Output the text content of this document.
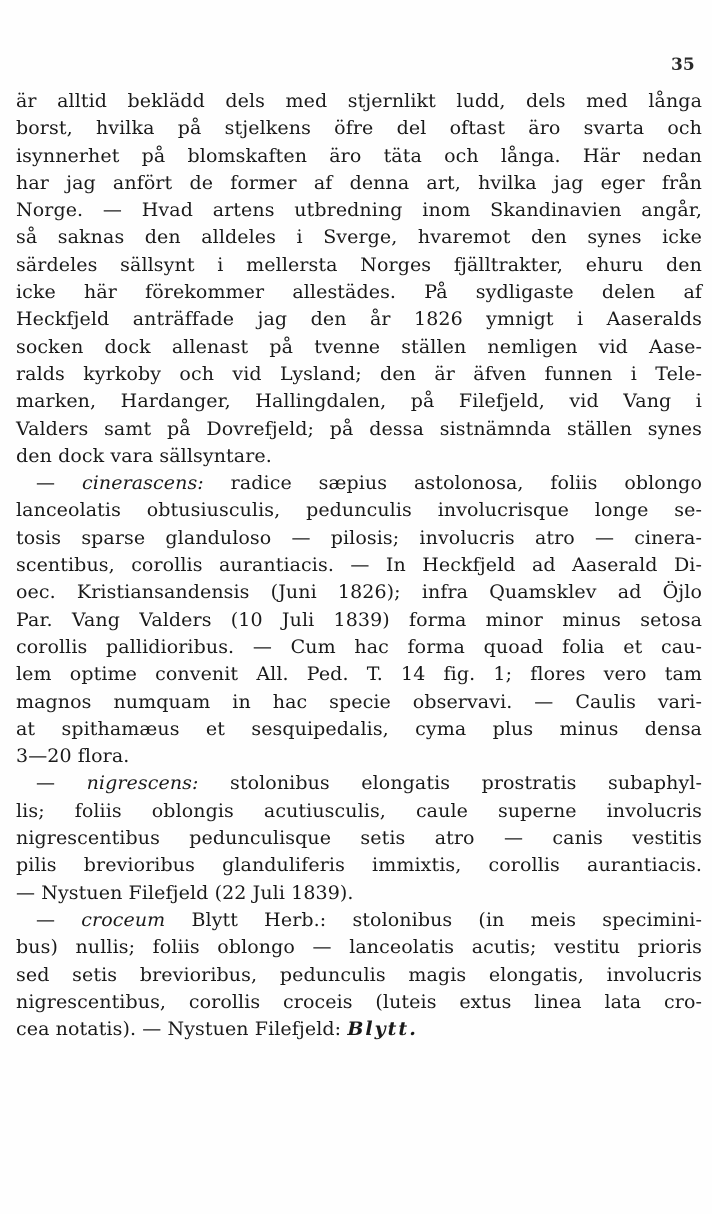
35
är alltid beklädd dels med stjernlikt ludd, dels med långa
borst, hvilka på stjelkens öfre del oftast äro svarta och
isynnerhet på blomskaften äro täta och långa. Här nedan
har jag anfört de former af denna art, hvilka jag eger från
Norge. — Hvad artens utbredning inom Skandinavien angår,
så saknas den alldeles i Sverge, hvaremot den synes icke
särdeles sällsynt i mellersta Norges fjälltrakter, ehuru den
icke här förekommer allestädes. På sydligaste delen af
Heckfjeld anträffade jag den år 1826 ymnigt i Aaseralds
socken dock allenast på tvenne ställen nemligen vid Aase-
ralds kyrkoby och vid Lysland; den är äfven funnen i Tele-
marken, Hardanger, Hallingdalen, på Filefjeld, vid Vang i
Valders samt på Dovrefjeld; på dessa sistnämnda ställen synes
den dock vara sällsyntare.
— cinerascens: radice sæpius astolonosa, foliis oblongo
lanceolatis obtusiusculis, pedunculis involucrisque longe se-
tosis sparse glanduloso — pilosis; involucris atro — cinera-
scentibus, corollis aurantiacis. — In Heckfjeld ad Aaserald Di-
oec. Kristiansandensis (Juni 1826); infra Quamsklev ad Öjlo
Par. Vang Valders (10 Juli 1839) forma minor minus setosa
corollis pallidioribus. — Cum hac forma quoad folia et cau-
lem optime convenit All. Ped. T. 14 fig. 1; flores vero tam
magnos numquam in hac specie observavi. — Caulis vari-
at spithamæus et sesquipedalis, cyma plus minus densa
3—20 flora.
— nigrescens: stolonibus elongatis prostratis subaphyl-
lis; foliis oblongis acutiusculis, caule superne involucris
nigrescentibus pedunculisque setis atro — canis vestitis
pilis brevioribus glanduliferis immixtis, corollis aurantiacis.
— Nystuen Filefjeld (22 Juli 1839).
— croceum Blytt Herb.: stolonibus (in meis specimini-
bus) nullis; foliis oblongo — lanceolatis acutis; vestitu prioris
sed setis brevioribus, pedunculis magis elongatis, involucris
nigrescentibus, corollis croceis (luteis extus linea lata cro-
cea notatis). — Nystuen Filefjeld: Blytt.
